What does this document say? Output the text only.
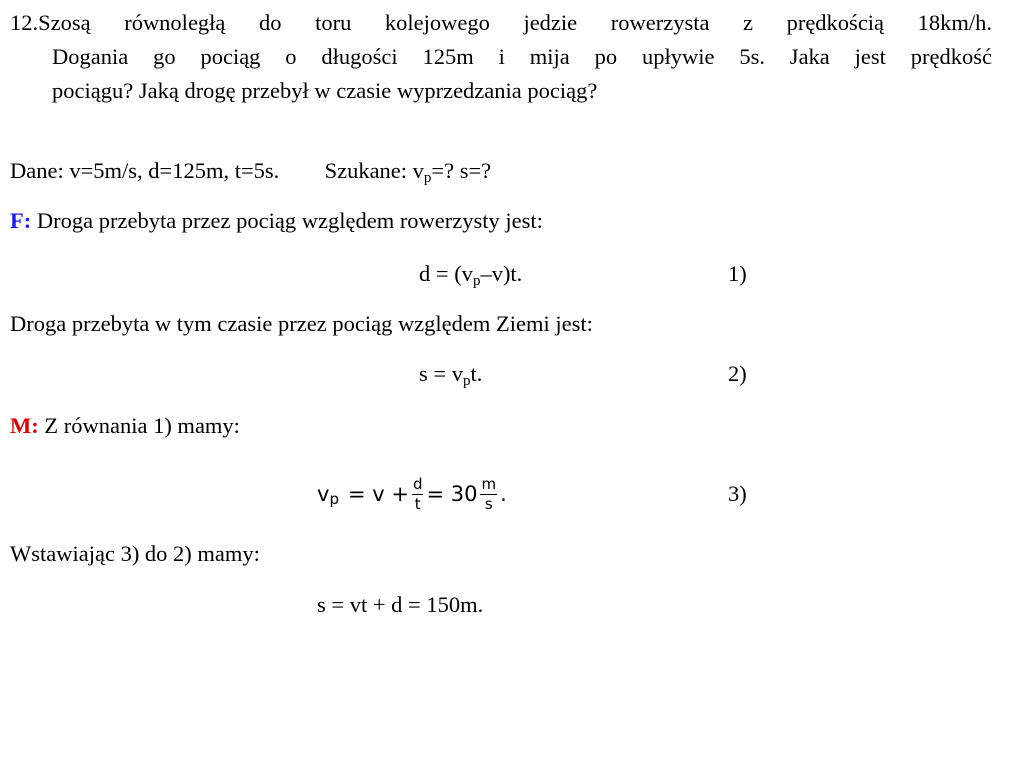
12.Szosą równoległą do toru kolejowego jedzie rowerzysta z prędkością 18km/h.
Dogania go pociąg o długości 125m i mija po upływie 5s. Jaka jest prędkość
pociągu? Jaką drogę przebył w czasie wyprzedzania pociąg?
Dane: v=5m/s, d=125m, t=5s. Szukane: $v_p=$? s=?
F: Droga przebyta przez pociąg względem rowerzysty jest:
$d = (v_p-v)t$.	1)
Droga przebyta w tym czasie przez pociąg względem Ziemi jest:
$s = v_pt$.	2)
M: Z równania 1) mamy:
v $p = v + \frac{d}{t} = 30 \frac{m}{s}$ .	3)
Wstawiając 3) do 2) mamy:
s = vt + d = 150m.
